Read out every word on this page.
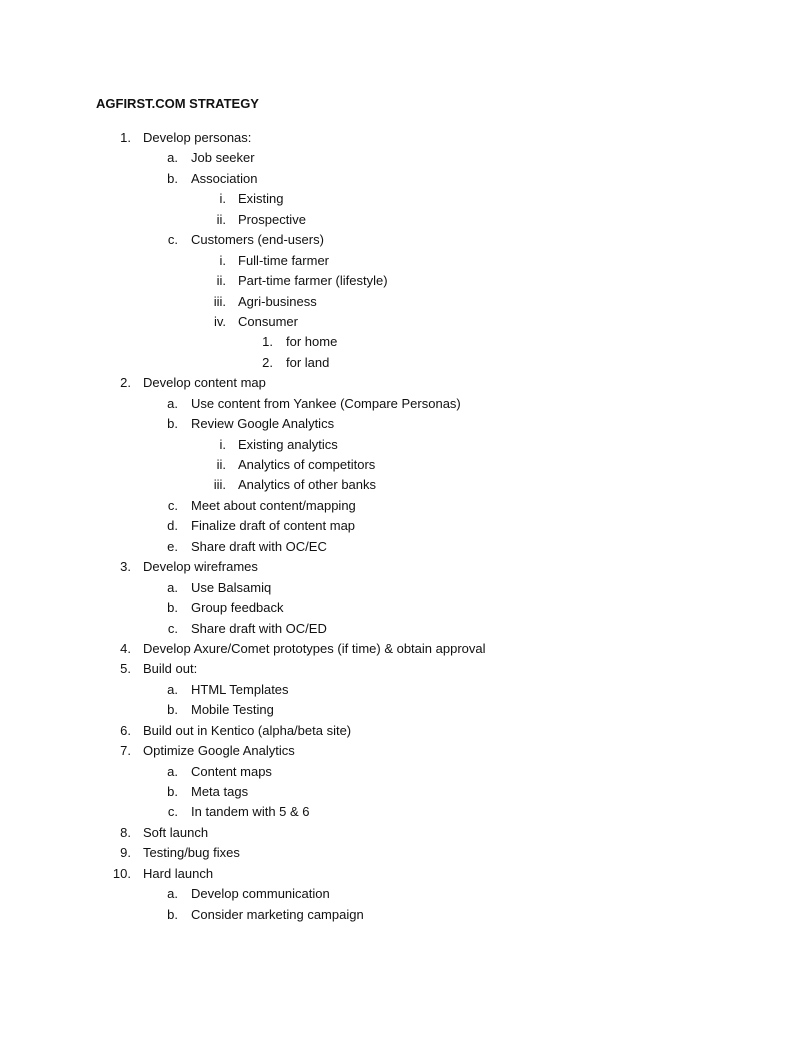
AGFIRST.COM STRATEGY
1. Develop personas:
a. Job seeker
b. Association
i. Existing
ii. Prospective
c. Customers (end-users)
i. Full-time farmer
ii. Part-time farmer (lifestyle)
iii. Agri-business
iv. Consumer
1. for home
2. for land
2. Develop content map
a. Use content from Yankee (Compare Personas)
b. Review Google Analytics
i. Existing analytics
ii. Analytics of competitors
iii. Analytics of other banks
c. Meet about content/mapping
d. Finalize draft of content map
e. Share draft with OC/EC
3. Develop wireframes
a. Use Balsamiq
b. Group feedback
c. Share draft with OC/ED
4. Develop Axure/Comet prototypes (if time) & obtain approval
5. Build out:
a. HTML Templates
b. Mobile Testing
6. Build out in Kentico (alpha/beta site)
7. Optimize Google Analytics
a. Content maps
b. Meta tags
c. In tandem with 5 & 6
8. Soft launch
9. Testing/bug fixes
10. Hard launch
a. Develop communication
b. Consider marketing campaign
